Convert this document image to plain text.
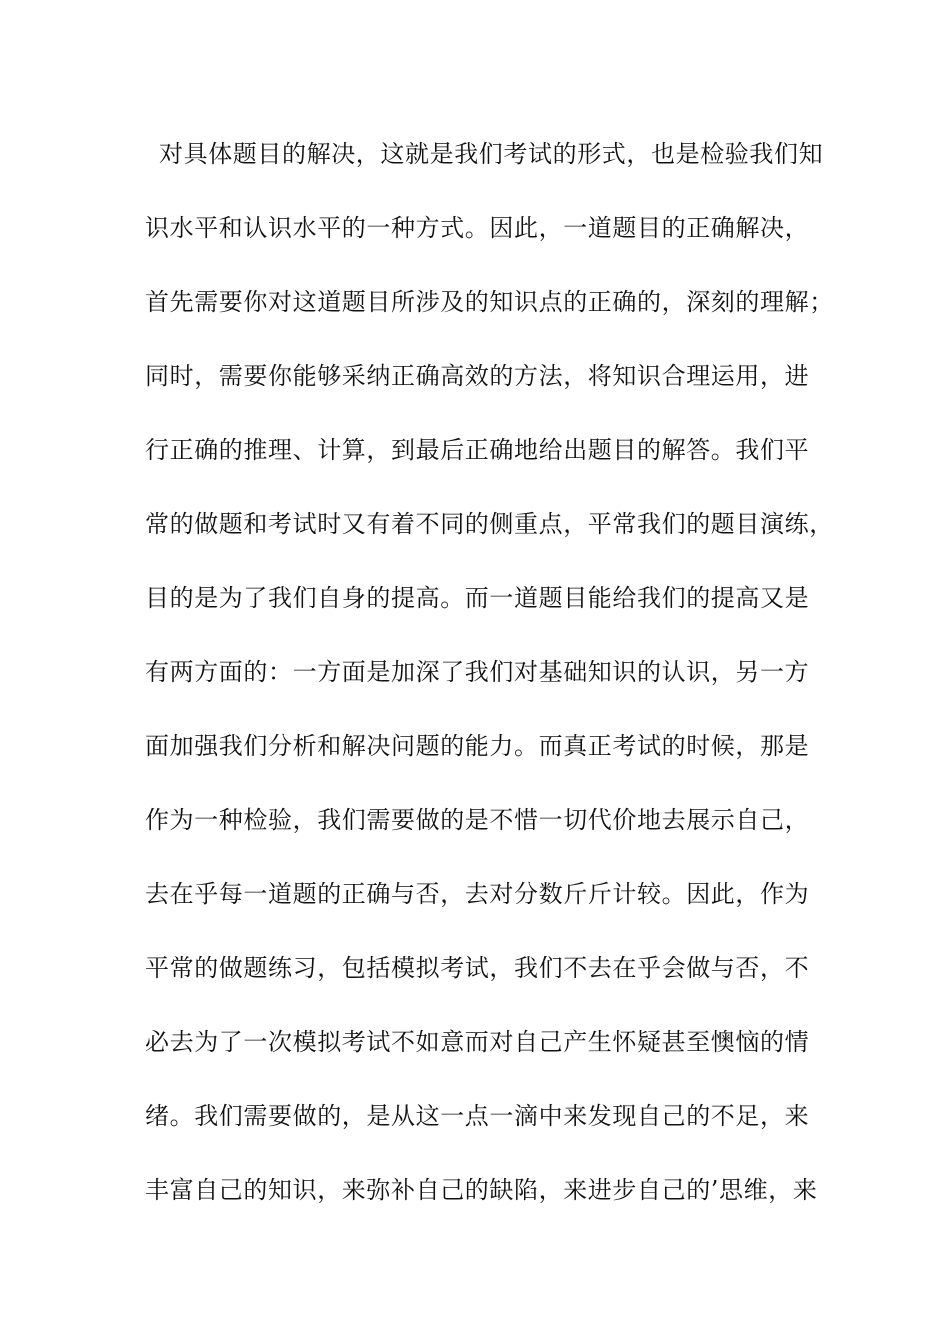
对具体题目的解决，这就是我们考试的形式，也是检验我们知
识水平和认识水平的一种方式。因此，一道题目的正确解决，
首先需要你对这道题目所涉及的知识点的正确的，深刻的理解；
同时，需要你能够采纳正确高效的方法，将知识合理运用，进
行正确的推理、计算，到最后正确地给出题目的解答。我们平
常的做题和考试时又有着不同的侧重点，平常我们的题目演练，
目的是为了我们自身的提高。而一道题目能给我们的提高又是
有两方面的：一方面是加深了我们对基础知识的认识，另一方
面加强我们分析和解决问题的能力。而真正考试的时候，那是
作为一种检验，我们需要做的是不惜一切代价地去展示自己，
去在乎每一道题的正确与否，去对分数斤斤计较。因此，作为
平常的做题练习，包括模拟考试，我们不去在乎会做与否，不
必去为了一次模拟考试不如意而对自己产生怀疑甚至懊恼的情
绪。我们需要做的，是从这一点一滴中来发现自己的不足，来
丰富自己的知识，来弥补自己的缺陷，来进步自己的’思维，来
